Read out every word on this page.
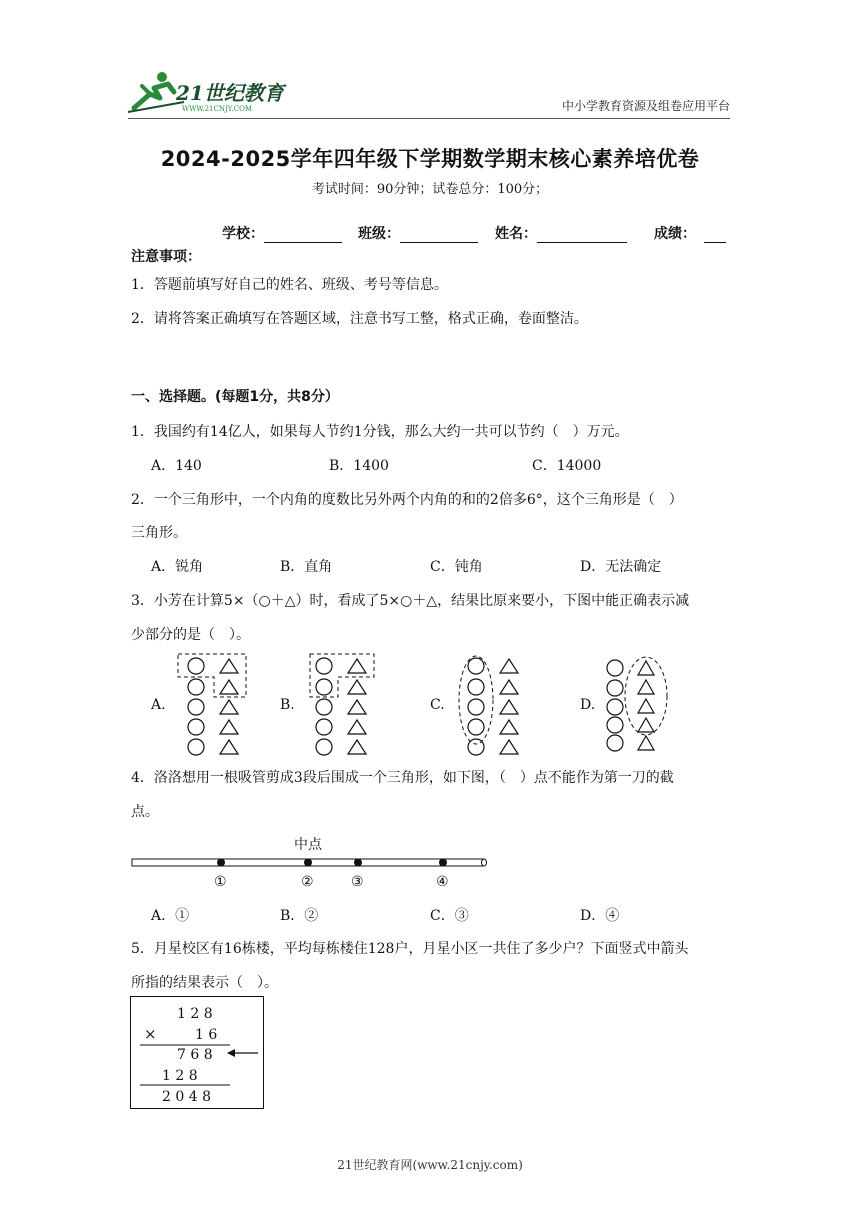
21世纪教育
WWW.21CNJY.COM	中小学教育资源及组卷应用平台
2024-2025学年四年级下学期数学期末核心素养培优卷
考试时间：90分钟；试卷总分：100分；
学校：	班级：	姓名：	成绩：
注意事项：
1．答题前填写好自己的姓名、班级、考号等信息。
2．请将答案正确填写在答题区域，注意书写工整，格式正确，卷面整洁。
一、选择题。(每题1分，共8分）
1．我国约有14亿人，如果每人节约1分钱，那么大约一共可以节约（　）万元。
A．140	B．1400	C．14000
2．一个三角形中，一个内角的度数比另外两个内角的和的2倍多6°，这个三角形是（　）
三角形。
A．锐角	B．直角	C．钝角	D．无法确定
3．小芳在计算5×（○＋△）时，看成了5×○＋△，结果比原来要小，下图中能正确表示减
少部分的是（　）。
A.	B.	C.	D.
4．洛洛想用一根吸管剪成3段后围成一个三角形，如下图，（　）点不能作为第一刀的截
点。
中点
①	②	③	④
A．①	B．②	C．③	D．④
5．月星校区有16栋楼，平均每栋楼住128户，月星小区一共住了多少户？下面竖式中箭头
所指的结果表示（　）。
1 2 8
×	1 6
7 6 8
1 2 8
2 0 4 8
21世纪教育网(www.21cnjy.com)
